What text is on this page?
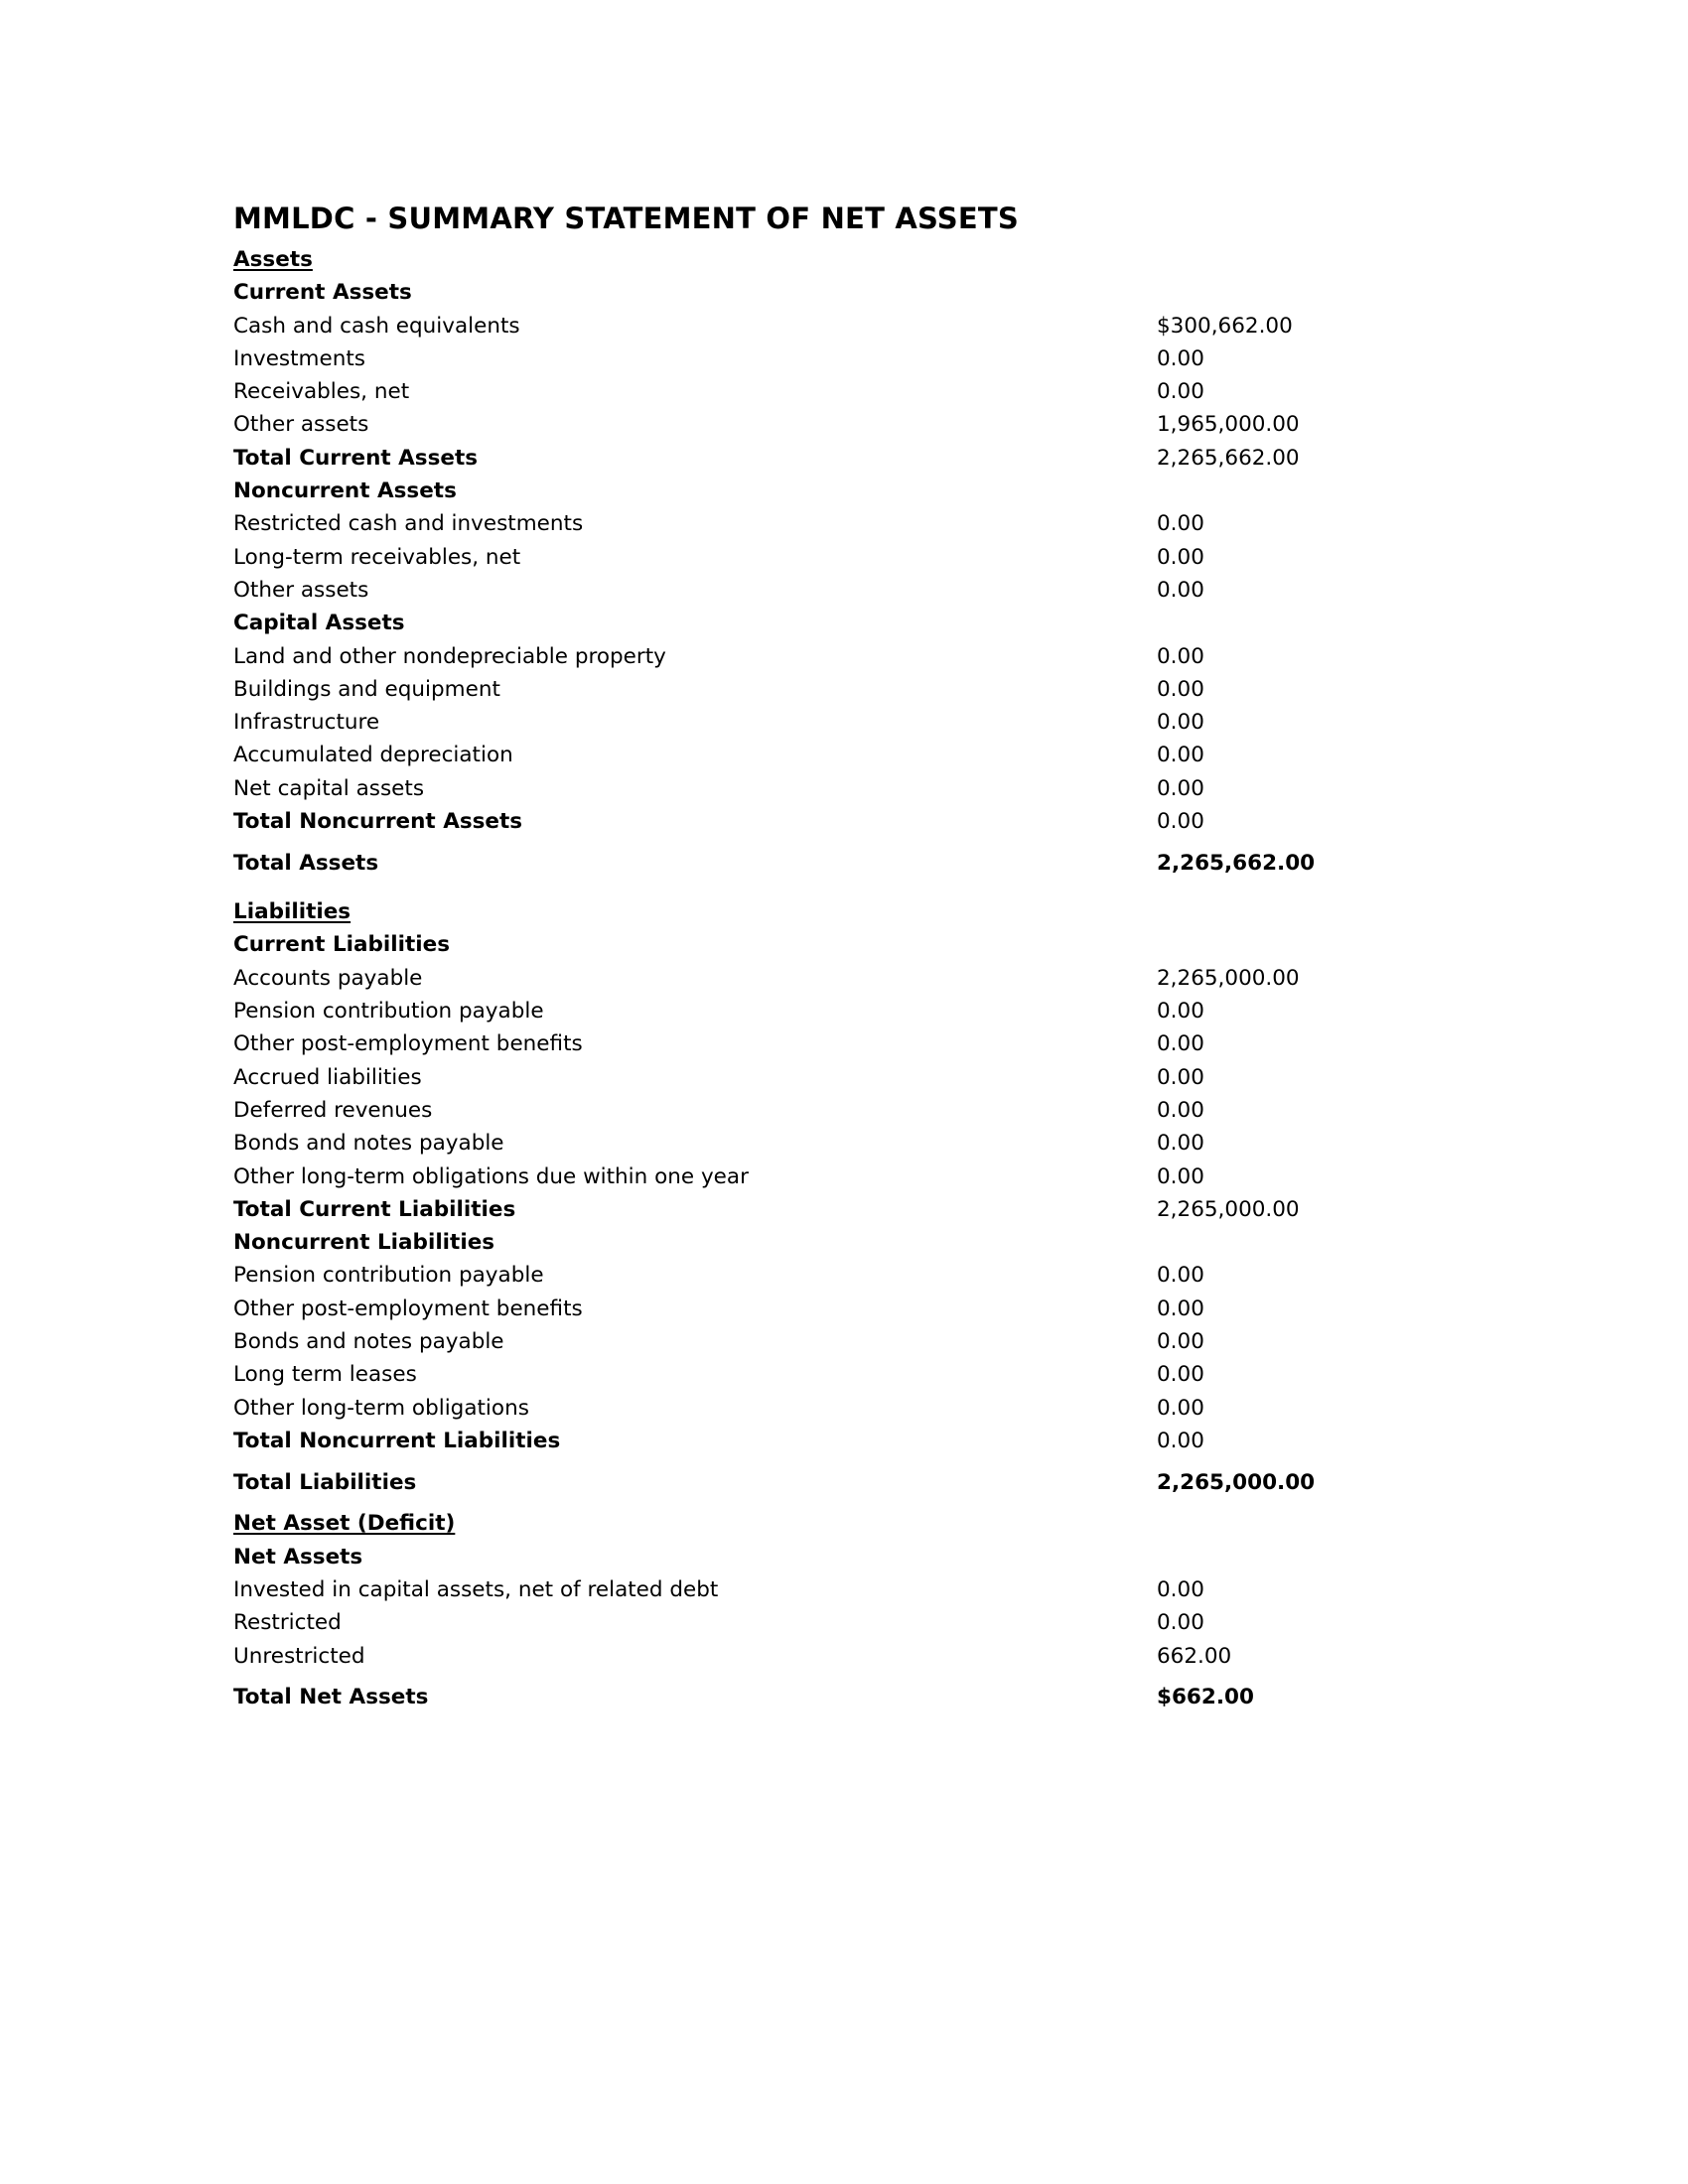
MMLDC - SUMMARY STATEMENT OF NET ASSETS
Assets
Current Assets
Cash and cash equivalents	$300,662.00
Investments	0.00
Receivables, net	0.00
Other assets	1,965,000.00
Total Current Assets	2,265,662.00
Noncurrent Assets
Restricted cash and investments	0.00
Long-term receivables, net	0.00
Other assets	0.00
Capital Assets
Land and other nondepreciable property	0.00
Buildings and equipment	0.00
Infrastructure	0.00
Accumulated depreciation	0.00
Net capital assets	0.00
Total Noncurrent Assets	0.00
Total Assets	2,265,662.00
Liabilities
Current Liabilities
Accounts payable	2,265,000.00
Pension contribution payable	0.00
Other post-employment benefits	0.00
Accrued liabilities	0.00
Deferred revenues	0.00
Bonds and notes payable	0.00
Other long-term obligations due within one year	0.00
Total Current Liabilities	2,265,000.00
Noncurrent Liabilities
Pension contribution payable	0.00
Other post-employment benefits	0.00
Bonds and notes payable	0.00
Long term leases	0.00
Other long-term obligations	0.00
Total Noncurrent Liabilities	0.00
Total Liabilities	2,265,000.00
Net Asset (Deficit)
Net Assets
Invested in capital assets, net of related debt	0.00
Restricted	0.00
Unrestricted	662.00
Total Net Assets	$662.00
